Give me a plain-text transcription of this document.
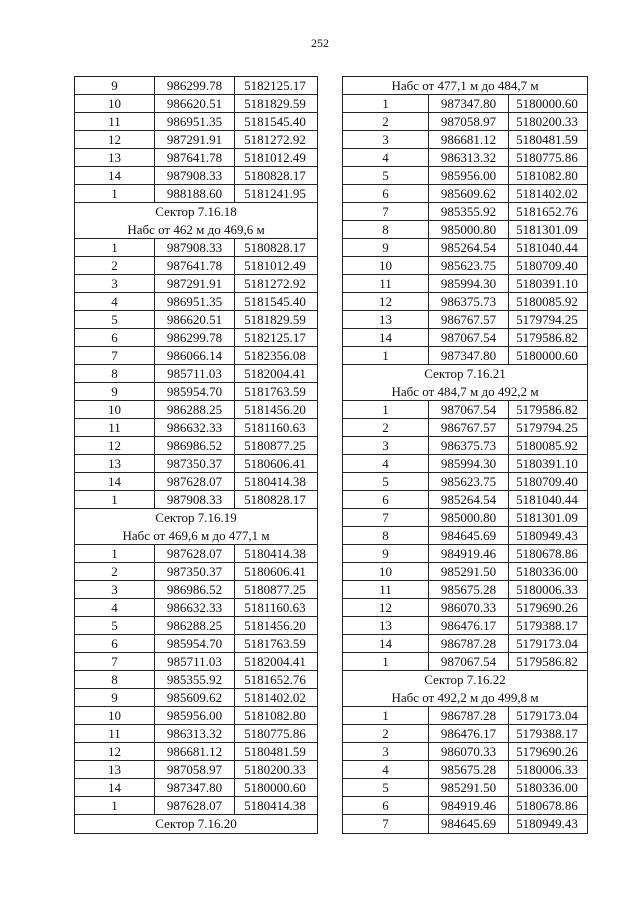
252
9	986299.78	5182125.17
10	986620.51	5181829.59
11	986951.35	5181545.40
12	987291.91	5181272.92
13	987641.78	5181012.49
14	987908.33	5180828.17
1	988188.60	5181241.95
Сектор 7.16.18
Набс от 462 м до 469,6 м
1	987908.33	5180828.17
2	987641.78	5181012.49
3	987291.91	5181272.92
4	986951.35	5181545.40
5	986620.51	5181829.59
6	986299.78	5182125.17
7	986066.14	5182356.08
8	985711.03	5182004.41
9	985954.70	5181763.59
10	986288.25	5181456.20
11	986632.33	5181160.63
12	986986.52	5180877.25
13	987350.37	5180606.41
14	987628.07	5180414.38
1	987908.33	5180828.17
Сектор 7.16.19
Набс от 469,6 м до 477,1 м
1	987628.07	5180414.38
2	987350.37	5180606.41
3	986986.52	5180877.25
4	986632.33	5181160.63
5	986288.25	5181456.20
6	985954.70	5181763.59
7	985711.03	5182004.41
8	985355.92	5181652.76
9	985609.62	5181402.02
10	985956.00	5181082.80
11	986313.32	5180775.86
12	986681.12	5180481.59
13	987058.97	5180200.33
14	987347.80	5180000.60
1	987628.07	5180414.38
Сектор 7.16.20
Набс от 477,1 м до 484,7 м
1	987347.80	5180000.60
2	987058.97	5180200.33
3	986681.12	5180481.59
4	986313.32	5180775.86
5	985956.00	5181082.80
6	985609.62	5181402.02
7	985355.92	5181652.76
8	985000.80	5181301.09
9	985264.54	5181040.44
10	985623.75	5180709.40
11	985994.30	5180391.10
12	986375.73	5180085.92
13	986767.57	5179794.25
14	987067.54	5179586.82
1	987347.80	5180000.60
Сектор 7.16.21
Набс от 484,7 м до 492,2 м
1	987067.54	5179586.82
2	986767.57	5179794.25
3	986375.73	5180085.92
4	985994.30	5180391.10
5	985623.75	5180709.40
6	985264.54	5181040.44
7	985000.80	5181301.09
8	984645.69	5180949.43
9	984919.46	5180678.86
10	985291.50	5180336.00
11	985675.28	5180006.33
12	986070.33	5179690.26
13	986476.17	5179388.17
14	986787.28	5179173.04
1	987067.54	5179586.82
Сектор 7.16.22
Набс от 492,2 м до 499,8 м
1	986787.28	5179173.04
2	986476.17	5179388.17
3	986070.33	5179690.26
4	985675.28	5180006.33
5	985291.50	5180336.00
6	984919.46	5180678.86
7	984645.69	5180949.43
